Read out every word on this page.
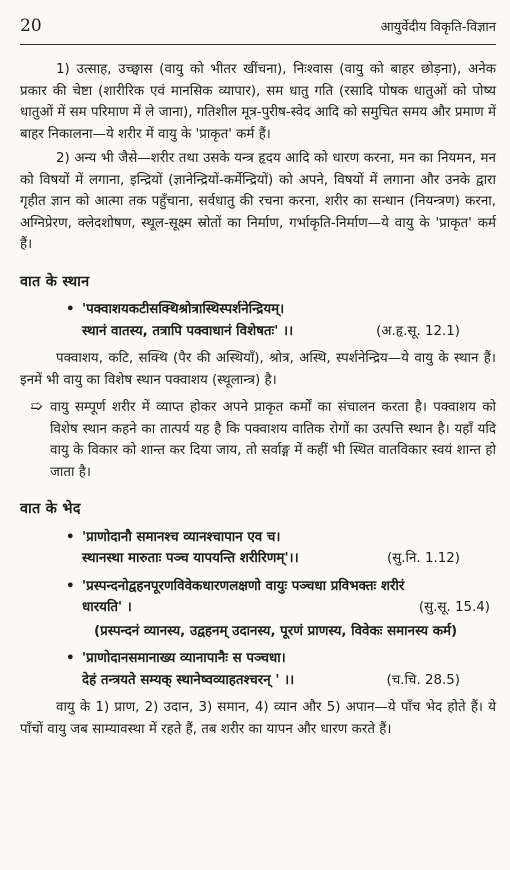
20	आयुर्वेदीय विकृति-विज्ञान

1) उत्साह, उच्छ्वास (वायु को भीतर खींचना), निःश्वास (वायु को बाहर छोड़ना), अनेक प्रकार की चेष्टा (शारीरिक एवं मानसिक व्यापार), सम धातु गति (रसादि पोषक धातुओं को पोष्य धातुओं में सम परिमाण में ले जाना), गतिशील मूत्र-पुरीष-स्वेद आदि को समुचित समय और प्रमाण में बाहर निकालना—ये शरीर में वायु के 'प्राकृत' कर्म हैं।

2) अन्य भी जैसे—शरीर तथा उसके यन्त्र हृदय आदि को धारण करना, मन का नियमन, मन को विषयों में लगाना, इन्द्रियों (ज्ञानेन्द्रियों-कर्मेन्द्रियों) को अपने, विषयों में लगाना और उनके द्वारा गृहीत ज्ञान को आत्मा तक पहुँचाना, सर्वधातु की रचना करना, शरीर का सन्धान (नियन्त्रण) करना, अग्निप्रेरण, क्लेदशोषण, स्थूल-सूक्ष्म स्रोतों का निर्माण, गर्भाकृति-निर्माण—ये वायु के 'प्राकृत' कर्म हैं।

वात के स्थान
• 'पक्वाशयकटीसक्थिश्रोत्रास्थिस्पर्शनेन्द्रियम्।
स्थानं वातस्य, तत्रापि पक्वाधानं विशेषतः' ।।	(अ.हृ.सू. 12.1)

पक्वाशय, कटि, सक्थि (पैर की अस्थियाँ), श्रोत्र, अस्थि, स्पर्शनेन्द्रिय—ये वायु के स्थान हैं। इनमें भी वायु का विशेष स्थान पक्वाशय (स्थूलान्त्र) है।

➯ वायु सम्पूर्ण शरीर में व्याप्त होकर अपने प्राकृत कर्मों का संचालन करता है। पक्वाशय को विशेष स्थान कहने का तात्पर्य यह है कि पक्वाशय वातिक रोगों का उत्पत्ति स्थान है। यहाँ यदि वायु के विकार को शान्त कर दिया जाय, तो सर्वाङ्ग में कहीं भी स्थित वातविकार स्वयं शान्त हो जाता है।

वात के भेद
• 'प्राणोदानौ समानश्च व्यानश्चापान एव च।
स्थानस्था मारुताः पञ्च यापयन्ति शरीरिणम्'।।	(सु.नि. 1.12)
• 'प्रस्पन्दनोद्वहनपूरणविवेकधारणलक्षणो वायुः पञ्चधा प्रविभक्तः शरीरं
धारयति' ।	(सु.सू. 15.4)
(प्रस्पन्दनं व्यानस्य, उद्वहनम् उदानस्य, पूरणं प्राणस्य, विवेकः समानस्य कर्म)
• 'प्राणोदानसमानाख्य व्यानापानैः स पञ्चधा।
देहं तन्त्रयते सम्यक् स्थानेष्वव्याहतश्चरन् ' ।।	(च.चि. 28.5)

वायु के 1) प्राण, 2) उदान, 3) समान, 4) व्यान और 5) अपान—ये पाँच भेद होते हैं। ये पाँचों वायु जब साम्यावस्था में रहते हैं, तब शरीर का यापन और धारण करते हैं।
